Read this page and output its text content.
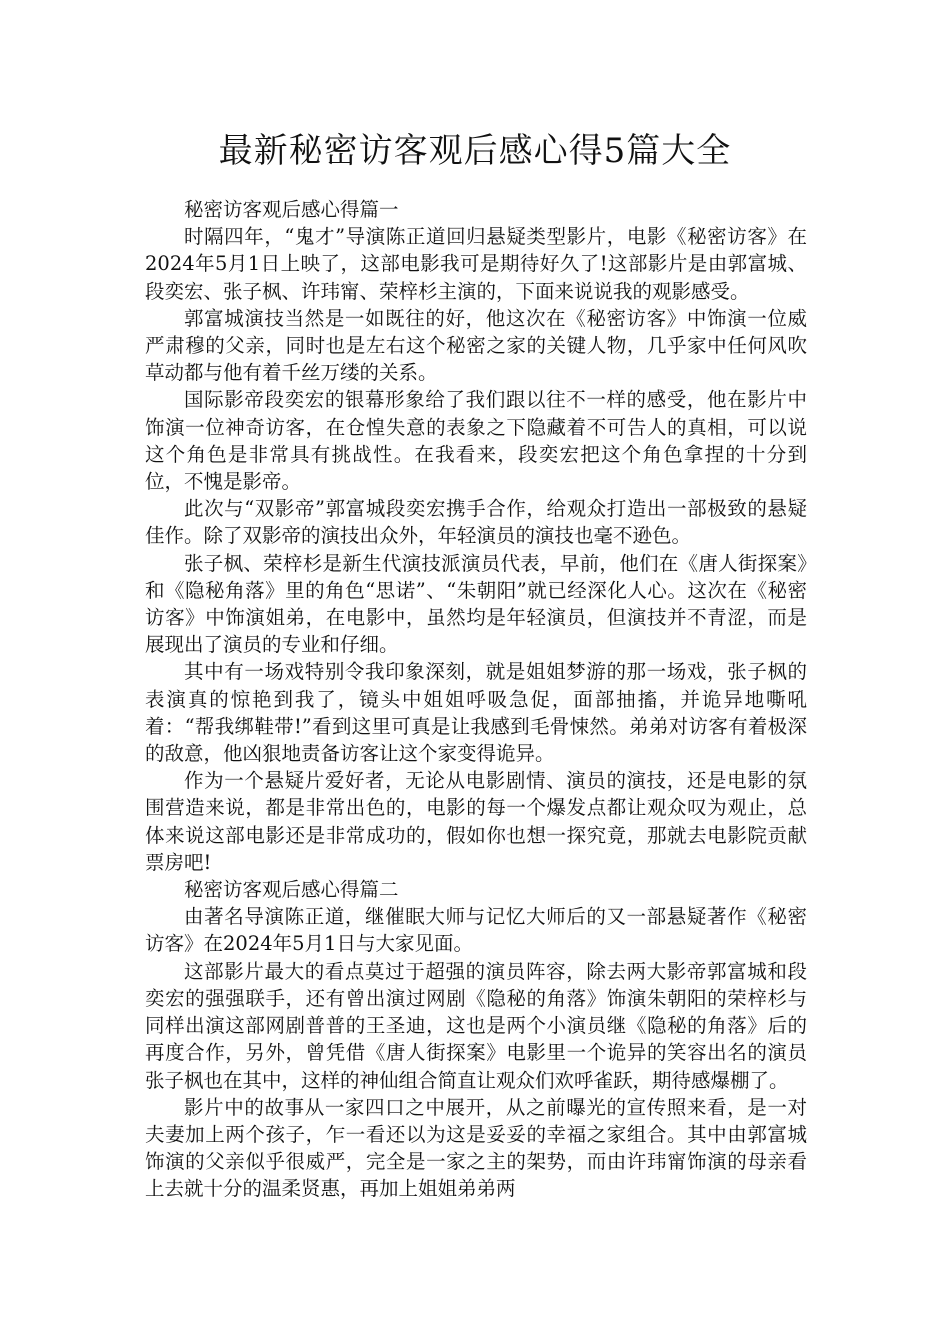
最新秘密访客观后感心得5篇大全

秘密访客观后感心得篇一

时隔四年，“鬼才”导演陈正道回归悬疑类型影片，电影《秘密访客》在2024年5月1日上映了，这部电影我可是期待好久了!这部影片是由郭富城、段奕宏、张子枫、许玮甯、荣梓杉主演的，下面来说说我的观影感受。

郭富城演技当然是一如既往的好，他这次在《秘密访客》中饰演一位威严肃穆的父亲，同时也是左右这个秘密之家的关键人物，几乎家中任何风吹草动都与他有着千丝万缕的关系。

国际影帝段奕宏的银幕形象给了我们跟以往不一样的感受，他在影片中饰演一位神奇访客，在仓惶失意的表象之下隐藏着不可告人的真相，可以说这个角色是非常具有挑战性。在我看来，段奕宏把这个角色拿捏的十分到位，不愧是影帝。

此次与“双影帝”郭富城段奕宏携手合作，给观众打造出一部极致的悬疑佳作。除了双影帝的演技出众外，年轻演员的演技也毫不逊色。

张子枫、荣梓杉是新生代演技派演员代表，早前，他们在《唐人街探案》和《隐秘角落》里的角色“思诺”、“朱朝阳”就已经深化人心。这次在《秘密访客》中饰演姐弟，在电影中，虽然均是年轻演员，但演技并不青涩，而是展现出了演员的专业和仔细。

其中有一场戏特别令我印象深刻，就是姐姐梦游的那一场戏，张子枫的表演真的惊艳到我了，镜头中姐姐呼吸急促，面部抽搐，并诡异地嘶吼着：“帮我绑鞋带!”看到这里可真是让我感到毛骨悚然。弟弟对访客有着极深的敌意，他凶狠地责备访客让这个家变得诡异。

作为一个悬疑片爱好者，无论从电影剧情、演员的演技，还是电影的氛围营造来说，都是非常出色的，电影的每一个爆发点都让观众叹为观止，总体来说这部电影还是非常成功的，假如你也想一探究竟，那就去电影院贡献票房吧!

秘密访客观后感心得篇二

由著名导演陈正道，继催眠大师与记忆大师后的又一部悬疑著作《秘密访客》在2024年5月1日与大家见面。

这部影片最大的看点莫过于超强的演员阵容，除去两大影帝郭富城和段奕宏的强强联手，还有曾出演过网剧《隐秘的角落》饰演朱朝阳的荣梓杉与同样出演这部网剧普普的王圣迪，这也是两个小演员继《隐秘的角落》后的再度合作，另外，曾凭借《唐人街探案》电影里一个诡异的笑容出名的演员张子枫也在其中，这样的神仙组合简直让观众们欢呼雀跃，期待感爆棚了。

影片中的故事从一家四口之中展开，从之前曝光的宣传照来看，是一对夫妻加上两个孩子，乍一看还以为这是妥妥的幸福之家组合。其中由郭富城饰演的父亲似乎很威严，完全是一家之主的架势，而由许玮甯饰演的母亲看上去就十分的温柔贤惠，再加上姐姐弟弟两
